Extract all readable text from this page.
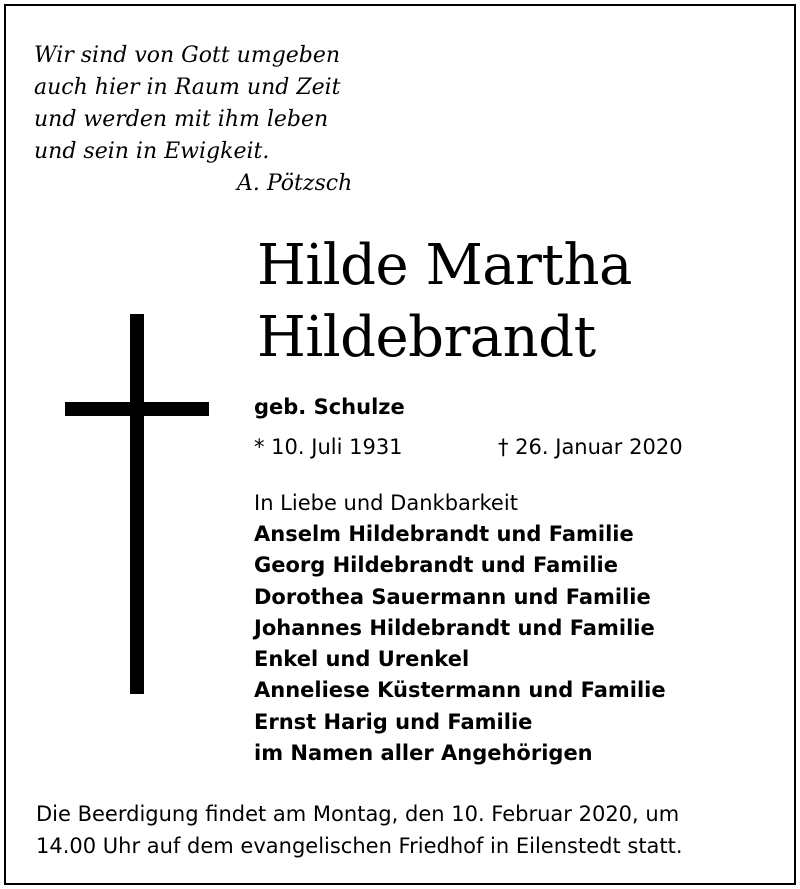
Wir sind von Gott umgeben
auch hier in Raum und Zeit
und werden mit ihm leben
und sein in Ewigkeit.
A. Pötzsch
Hilde Martha
Hildebrandt
geb. Schulze
* 10. Juli 1931	† 26. Januar 2020
In Liebe und Dankbarkeit
Anselm Hildebrandt und Familie
Georg Hildebrandt und Familie
Dorothea Sauermann und Familie
Johannes Hildebrandt und Familie
Enkel und Urenkel
Anneliese Küstermann und Familie
Ernst Harig und Familie
im Namen aller Angehörigen
Die Beerdigung findet am Montag, den 10. Februar 2020, um
14.00 Uhr auf dem evangelischen Friedhof in Eilenstedt statt.
